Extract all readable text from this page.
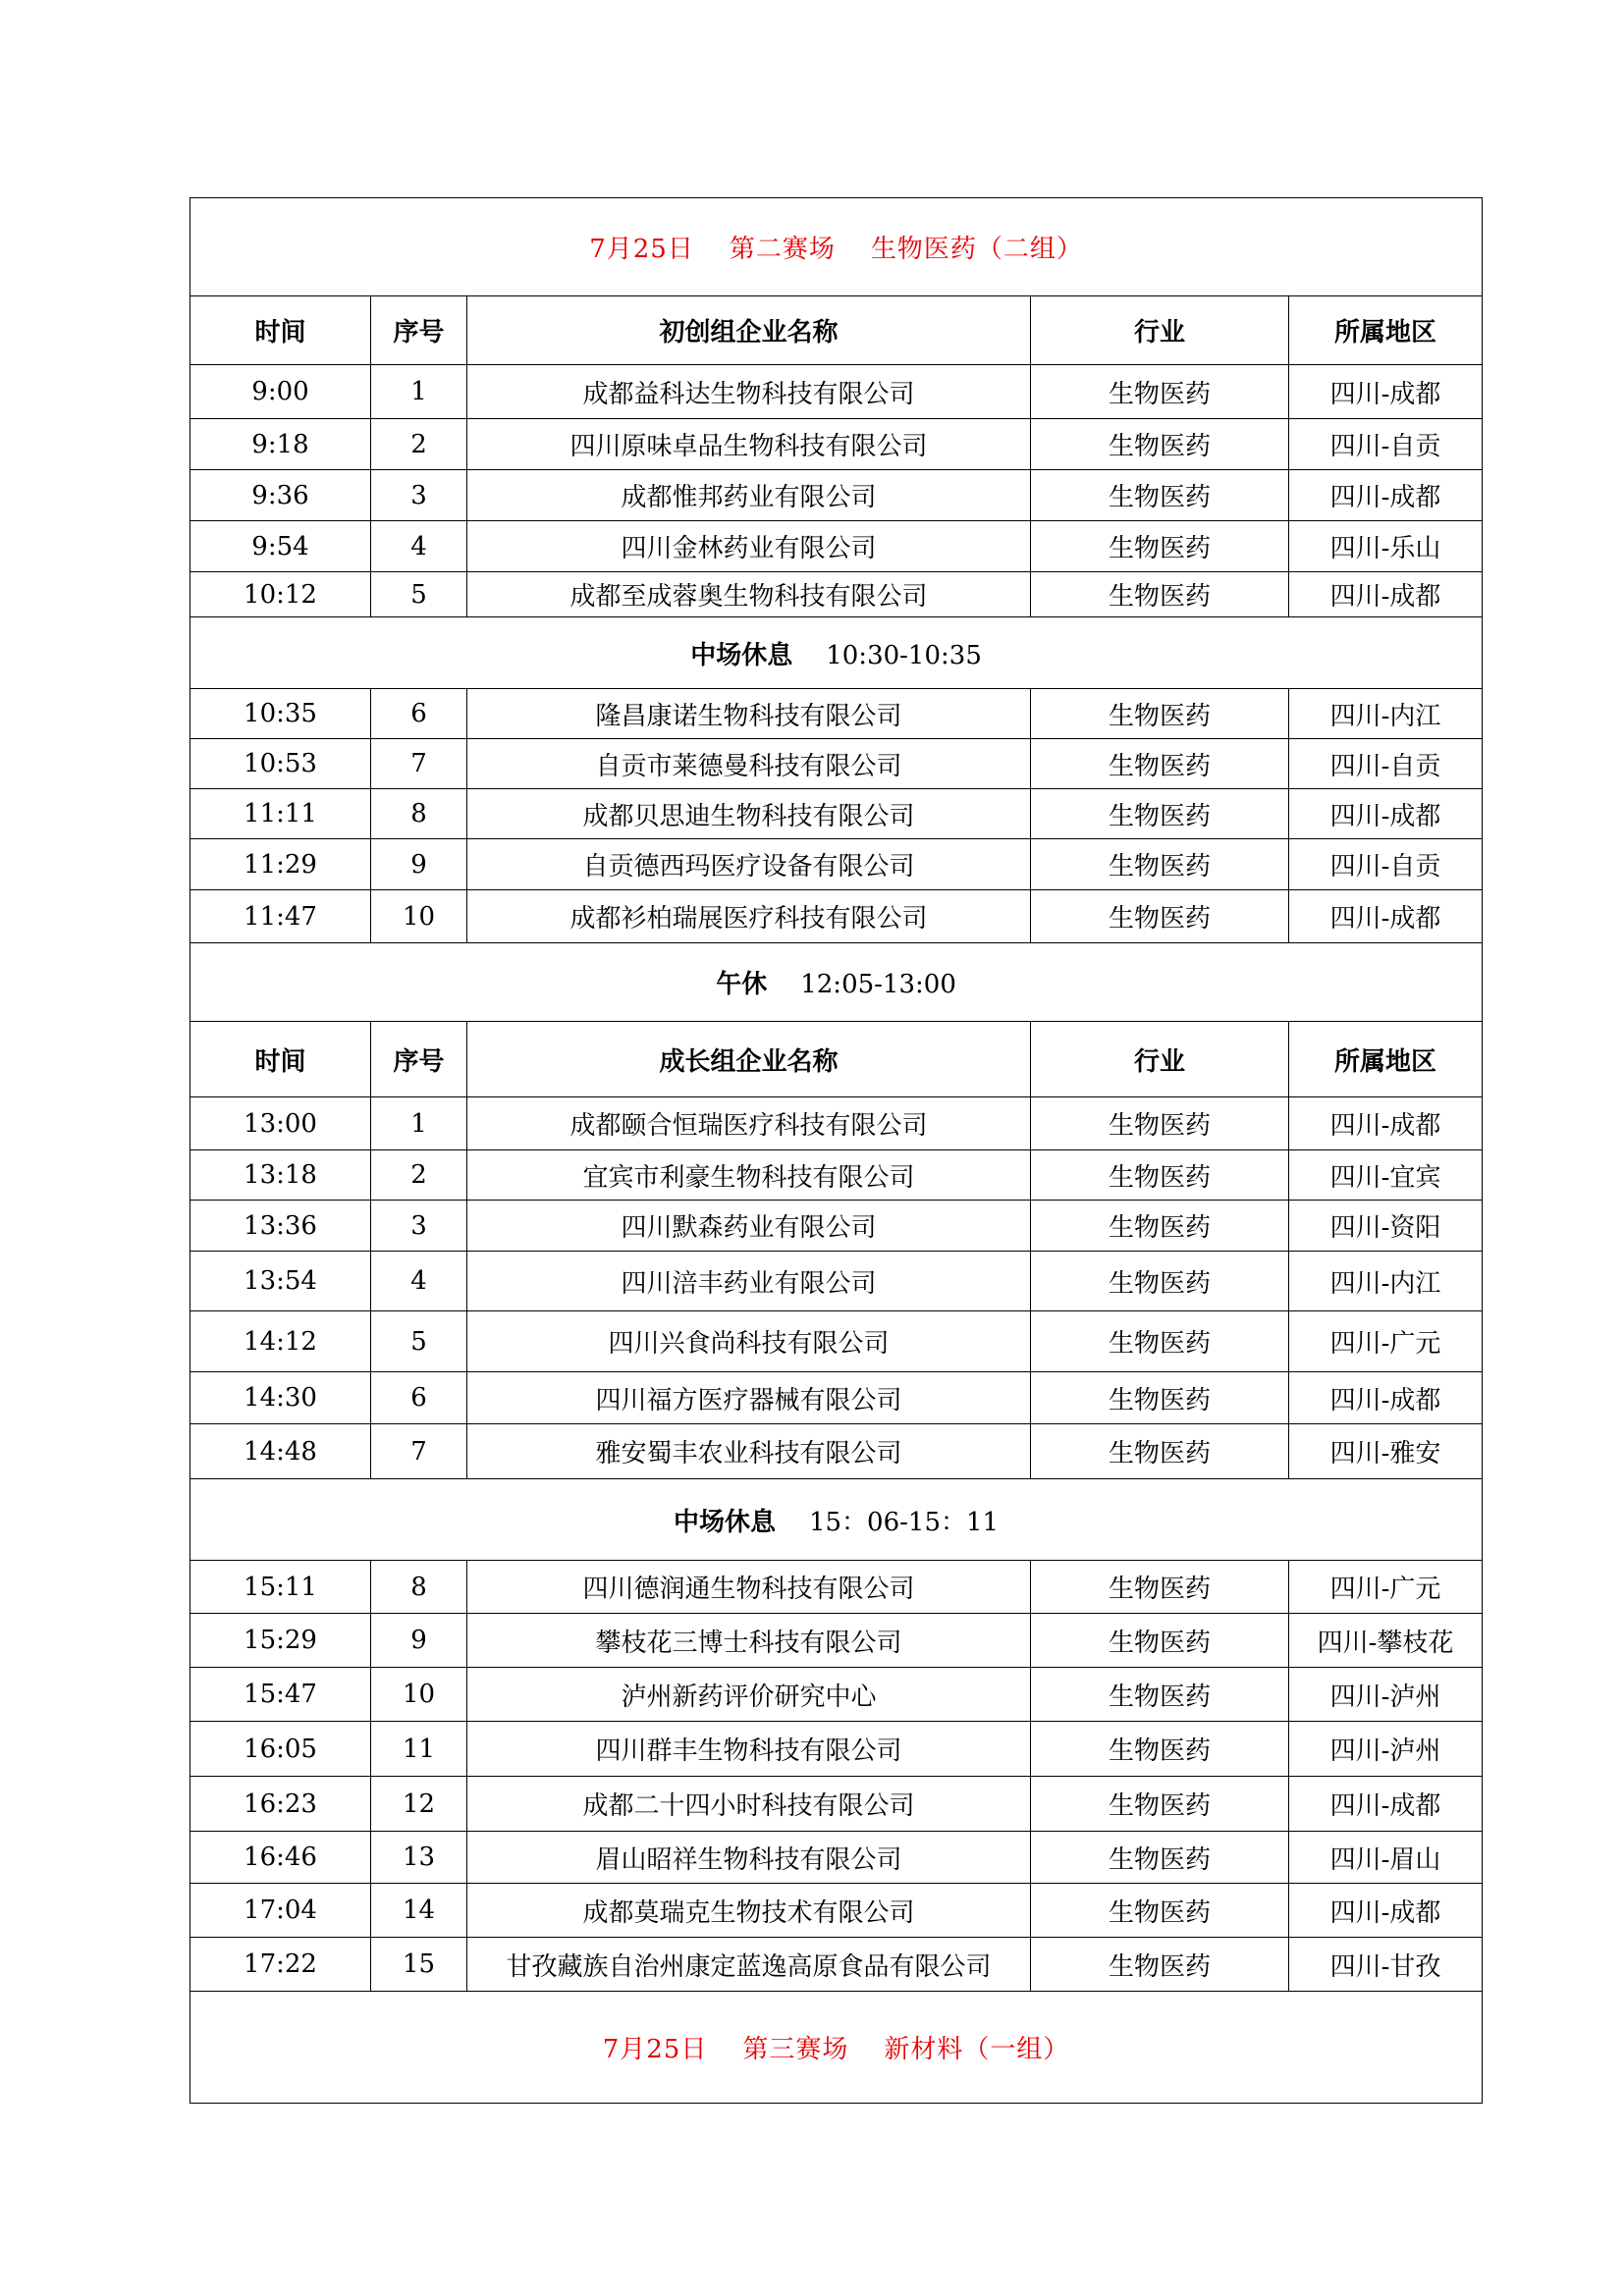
7月25日 第二赛场 生物医药（二组）				
时间	序号	初创组企业名称	行业	所属地区
9:00	1	成都益科达生物科技有限公司	生物医药	四川-成都
9:18	2	四川原味卓品生物科技有限公司	生物医药	四川-自贡
9:36	3	成都惟邦药业有限公司	生物医药	四川-成都
9:54	4	四川金林药业有限公司	生物医药	四川-乐山
10:12	5	成都至成蓉奥生物科技有限公司	生物医药	四川-成都
中场休息 10:30-10:35				
10:35	6	隆昌康诺生物科技有限公司	生物医药	四川-内江
10:53	7	自贡市莱德曼科技有限公司	生物医药	四川-自贡
11:11	8	成都贝思迪生物科技有限公司	生物医药	四川-成都
11:29	9	自贡德西玛医疗设备有限公司	生物医药	四川-自贡
11:47	10	成都衫柏瑞展医疗科技有限公司	生物医药	四川-成都
午休 12:05-13:00				
时间	序号	成长组企业名称	行业	所属地区
13:00	1	成都颐合恒瑞医疗科技有限公司	生物医药	四川-成都
13:18	2	宜宾市利豪生物科技有限公司	生物医药	四川-宜宾
13:36	3	四川默森药业有限公司	生物医药	四川-资阳
13:54	4	四川涪丰药业有限公司	生物医药	四川-内江
14:12	5	四川兴食尚科技有限公司	生物医药	四川-广元
14:30	6	四川福方医疗器械有限公司	生物医药	四川-成都
14:48	7	雅安蜀丰农业科技有限公司	生物医药	四川-雅安
中场休息 15：06-15：11				
15:11	8	四川德润通生物科技有限公司	生物医药	四川-广元
15:29	9	攀枝花三博士科技有限公司	生物医药	四川-攀枝花
15:47	10	泸州新药评价研究中心	生物医药	四川-泸州
16:05	11	四川群丰生物科技有限公司	生物医药	四川-泸州
16:23	12	成都二十四小时科技有限公司	生物医药	四川-成都
16:46	13	眉山昭祥生物科技有限公司	生物医药	四川-眉山
17:04	14	成都莫瑞克生物技术有限公司	生物医药	四川-成都
17:22	15	甘孜藏族自治州康定蓝逸高原食品有限公司	生物医药	四川-甘孜
7月25日 第三赛场 新材料（一组）				
